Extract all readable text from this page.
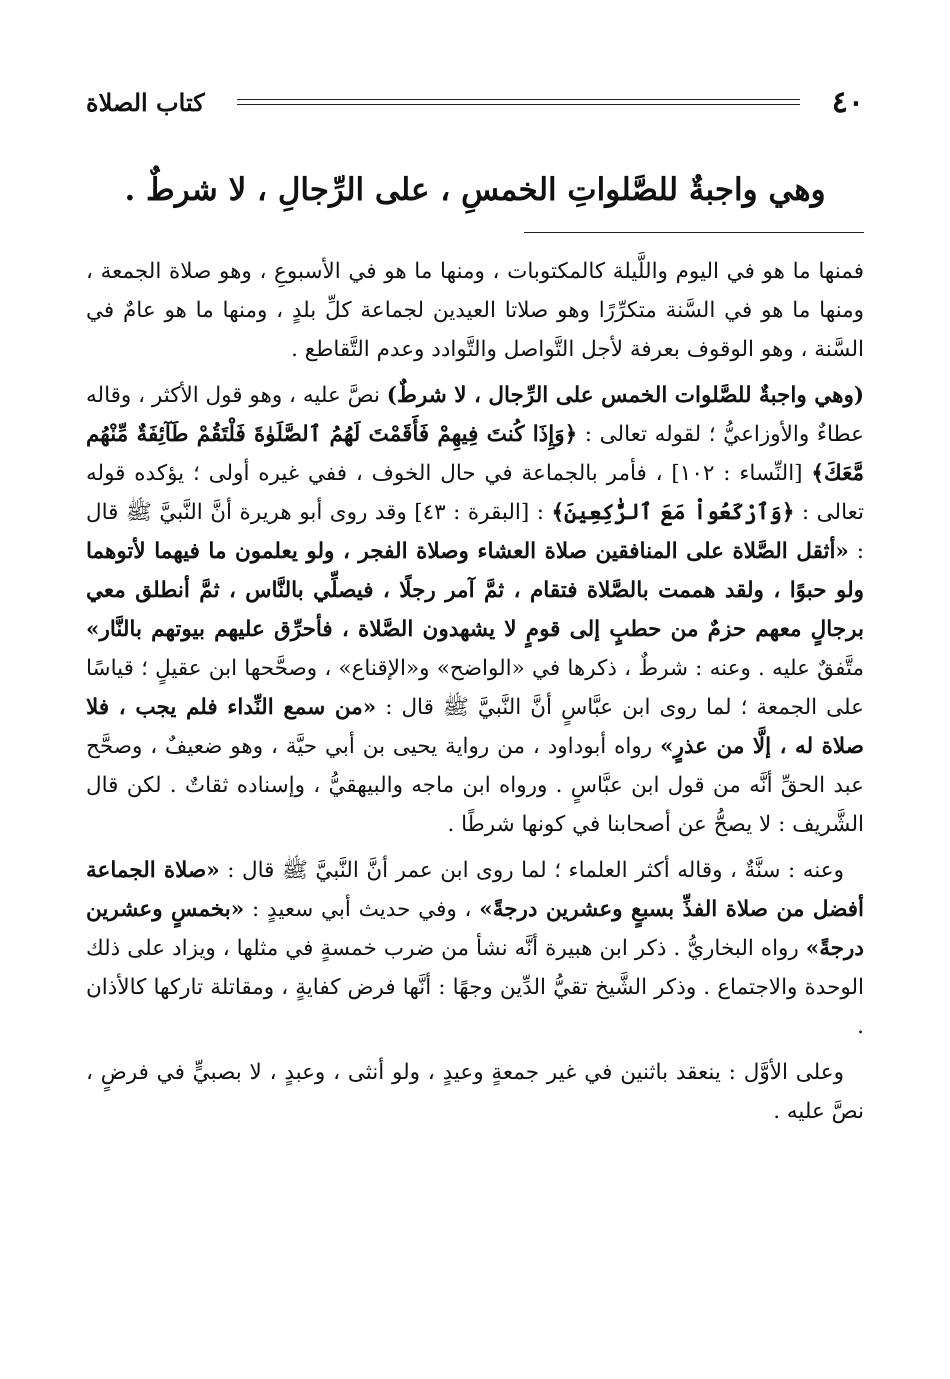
٤٠
كتاب الصلاة
وهي واجبةٌ للصَّلواتِ الخمسِ ، على الرِّجالِ ، لا شرطٌ .

فمنها ما هو في اليوم واللَّيلة كالمكتوبات ، ومنها ما هو في الأسبوعِ ، وهو صلاة الجمعة ، ومنها ما هو في السَّنة متكرِّرًا وهو صلاتا العيدين لجماعة كلِّ بلدٍ ، ومنها ما هو عامٌ في السَّنة ، وهو الوقوف بعرفة لأجل التَّواصل والتَّوادد وعدم التَّقاطع .

(وهي واجبةٌ للصَّلوات الخمس على الرِّجال ، لا شرطٌ) نصَّ عليه ، وهو قول الأكثر ، وقاله عطاءٌ والأوزاعيُّ ؛ لقوله تعالى : ﴿وَإِذَا كُنتَ فِيهِمْ فَأَقَمْتَ لَهُمُ ٱلصَّلَوٰةَ فَلْتَقُمْ طَآئِفَةٌ مِّنْهُم مَّعَكَ﴾ [النِّساء : ١٠٢] ، فأمر بالجماعة في حال الخوف ، ففي غيره أولى ؛ يؤكده قوله تعالى : ﴿وَٱرْكَعُواْ مَعَ ٱلرَّٰكِعِينَ﴾ : [البقرة : ٤٣] وقد روى أبو هريرة أنَّ النَّبيَّ ﷺ قال : «أثقل الصَّلاة على المنافقين صلاة العشاء وصلاة الفجر ، ولو يعلمون ما فيهما لأتوهما ولو حبوًا ، ولقد هممت بالصَّلاة فتقام ، ثمَّ آمر رجلًا ، فيصلِّي بالنَّاس ، ثمَّ أنطلق معي برجالٍ معهم حزمٌ من حطبٍ إلى قومٍ لا يشهدون الصَّلاة ، فأحرِّق عليهم بيوتهم بالنَّار» متَّفقٌ عليه . وعنه : شرطٌ ، ذكرها في «الواضح» و«الإقناع» ، وصحَّحها ابن عقيلٍ ؛ قياسًا على الجمعة ؛ لما روى ابن عبَّاسٍ أنَّ النَّبيَّ ﷺ قال : «من سمع النِّداء فلم يجب ، فلا صلاة له ، إلَّا من عذرٍ» رواه أبوداود ، من رواية يحيى بن أبي حيَّة ، وهو ضعيفٌ ، وصحَّح عبد الحقِّ أنَّه من قول ابن عبَّاسٍ . ورواه ابن ماجه والبيهقيُّ ، وإسناده ثقاتٌ . لكن قال الشَّريف : لا يصحُّ عن أصحابنا في كونها شرطًا .

وعنه : سنَّةٌ ، وقاله أكثر العلماء ؛ لما روى ابن عمر أنَّ النَّبيَّ ﷺ قال : «صلاة الجماعة أفضل من صلاة الفذِّ بسبعٍ وعشرين درجةً» ، وفي حديث أبي سعيدٍ : «بخمسٍ وعشرين درجةً» رواه البخاريُّ . ذكر ابن هبيرة أنَّه نشأ من ضرب خمسةٍ في مثلها ، ويزاد على ذلك الوحدة والاجتماع . وذكر الشَّيخ تقيُّ الدِّين وجهًا : أنَّها فرض كفايةٍ ، ومقاتلة تاركها كالأذان .

وعلى الأوَّل : ينعقد باثنين في غير جمعةٍ وعيدٍ ، ولو أنثى ، وعبدٍ ، لا بصبيٍّ في فرضٍ ، نصَّ عليه .
